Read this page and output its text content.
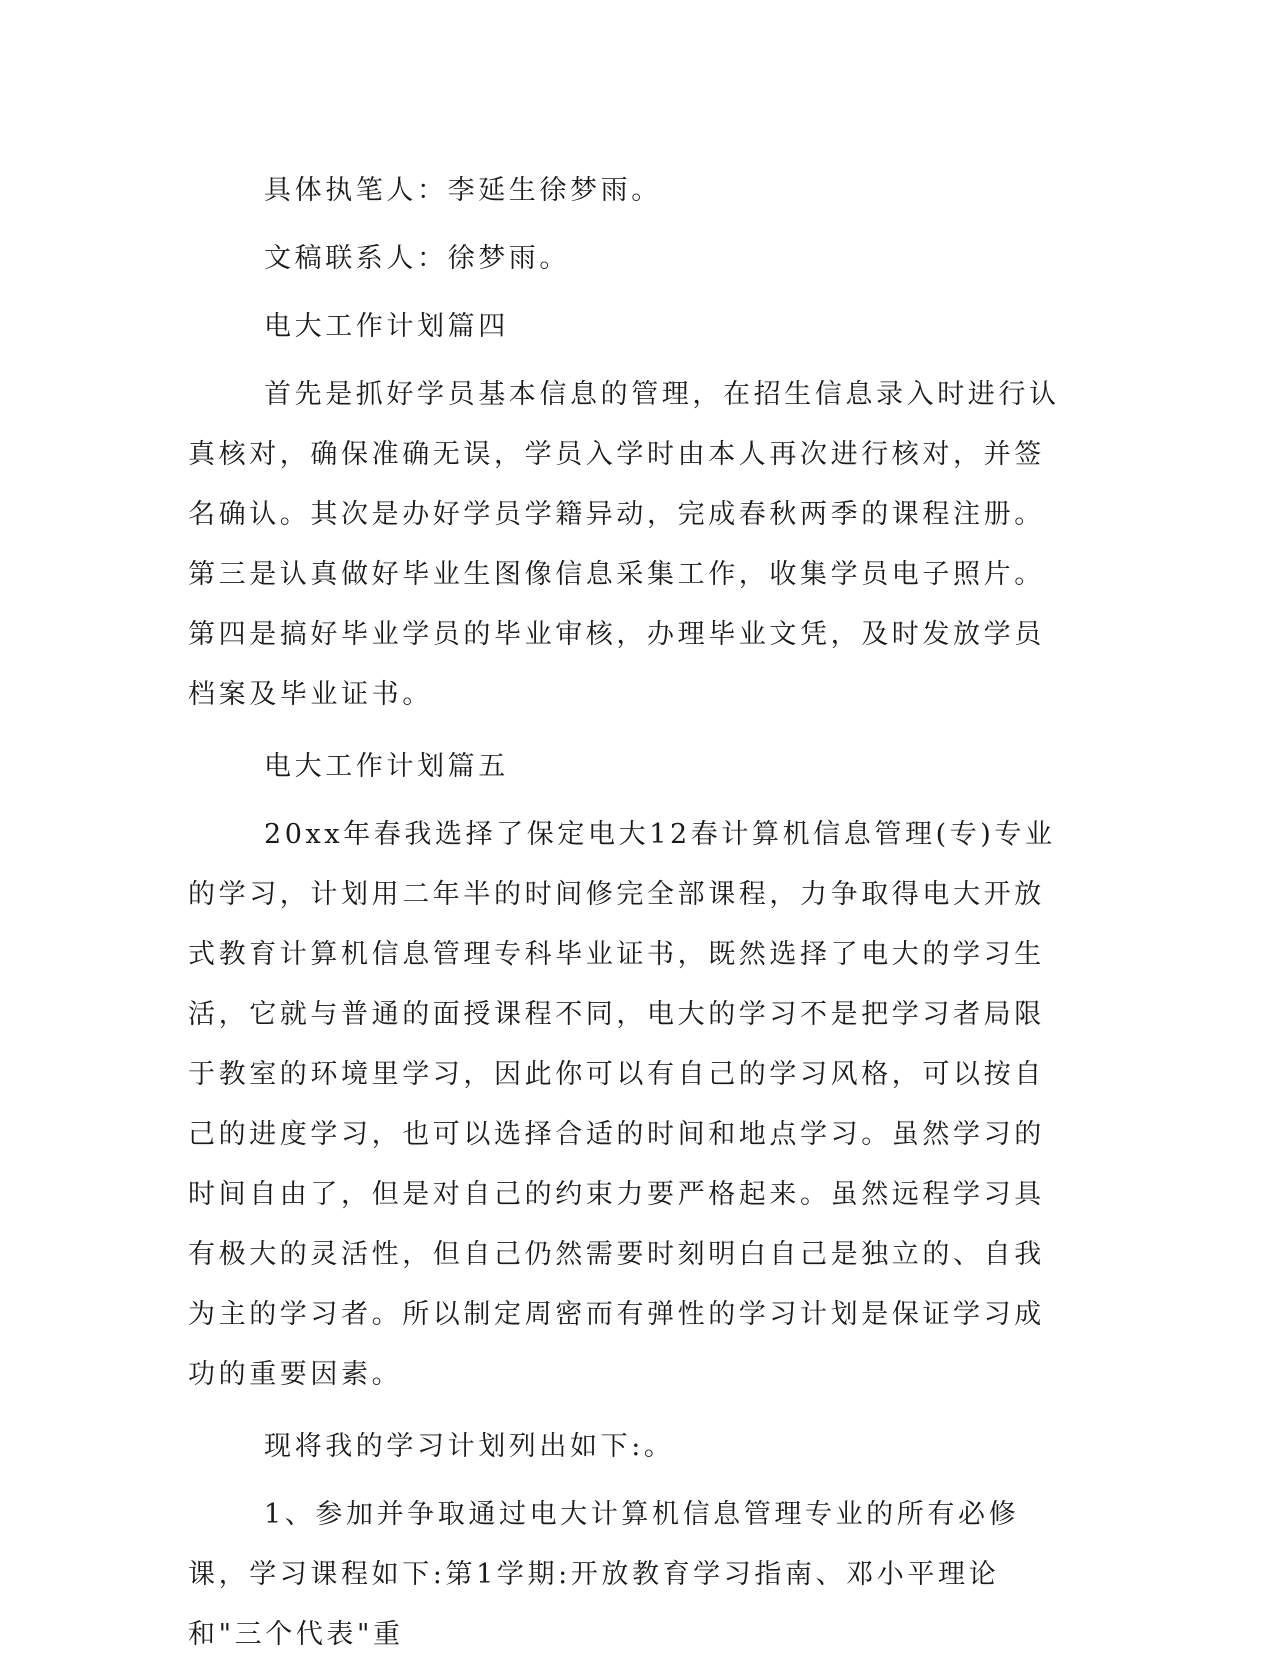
具体执笔人：李延生徐梦雨。

文稿联系人：徐梦雨。

电大工作计划篇四

首先是抓好学员基本信息的管理，在招生信息录入时进行认真核对，确保准确无误，学员入学时由本人再次进行核对，并签名确认。其次是办好学员学籍异动，完成春秋两季的课程注册。第三是认真做好毕业生图像信息采集工作，收集学员电子照片。第四是搞好毕业学员的毕业审核，办理毕业文凭，及时发放学员档案及毕业证书。

电大工作计划篇五

20xx年春我选择了保定电大12春计算机信息管理(专)专业的学习，计划用二年半的时间修完全部课程，力争取得电大开放式教育计算机信息管理专科毕业证书，既然选择了电大的学习生活，它就与普通的面授课程不同，电大的学习不是把学习者局限于教室的环境里学习，因此你可以有自己的学习风格，可以按自己的进度学习，也可以选择合适的时间和地点学习。虽然学习的时间自由了，但是对自己的约束力要严格起来。虽然远程学习具有极大的灵活性，但自己仍然需要时刻明白自己是独立的、自我为主的学习者。所以制定周密而有弹性的学习计划是保证学习成功的重要因素。

现将我的学习计划列出如下:。

1、参加并争取通过电大计算机信息管理专业的所有必修课，学习课程如下:第1学期:开放教育学习指南、邓小平理论和"三个代表"重
